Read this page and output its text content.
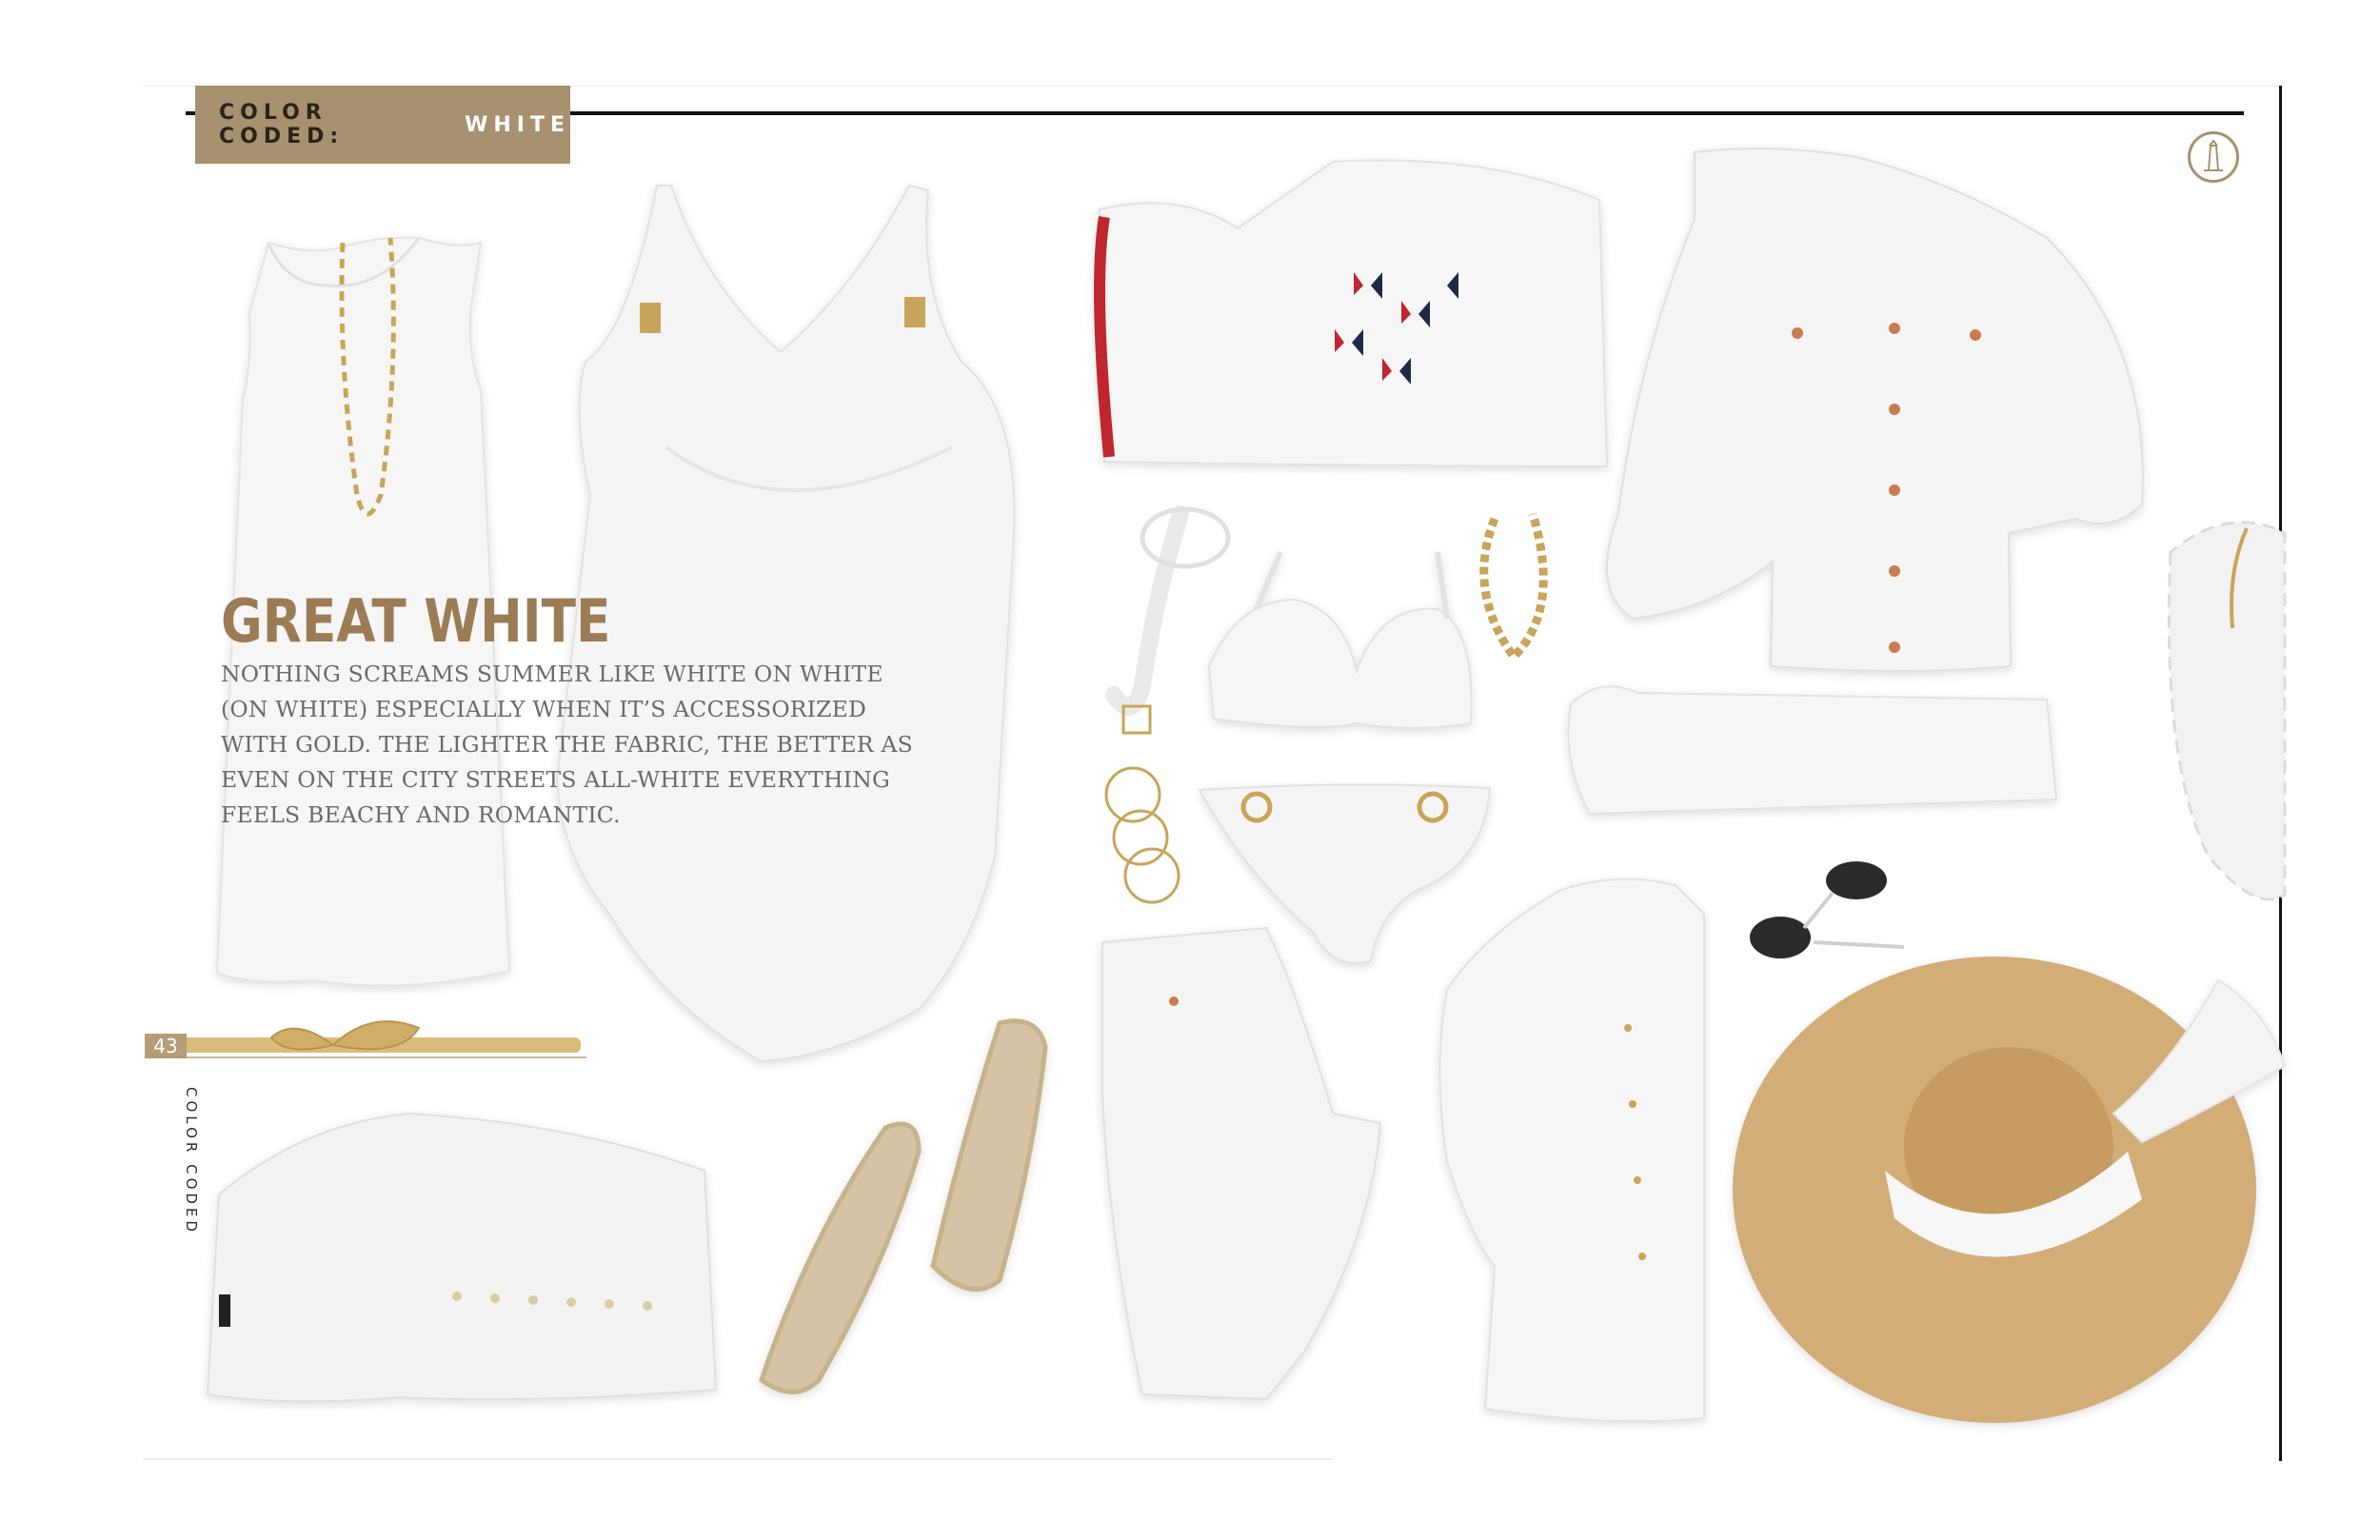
COLOR CODED:	WHITE
GREAT WHITE
NOTHING SCREAMS SUMMER LIKE WHITE ON WHITE
(ON WHITE) ESPECIALLY WHEN IT’S ACCESSORIZED
WITH GOLD. THE LIGHTER THE FABRIC, THE BETTER AS
EVEN ON THE CITY STREETS ALL-WHITE EVERYTHING
FEELS BEACHY AND ROMANTIC.
43
COLOR CODED
